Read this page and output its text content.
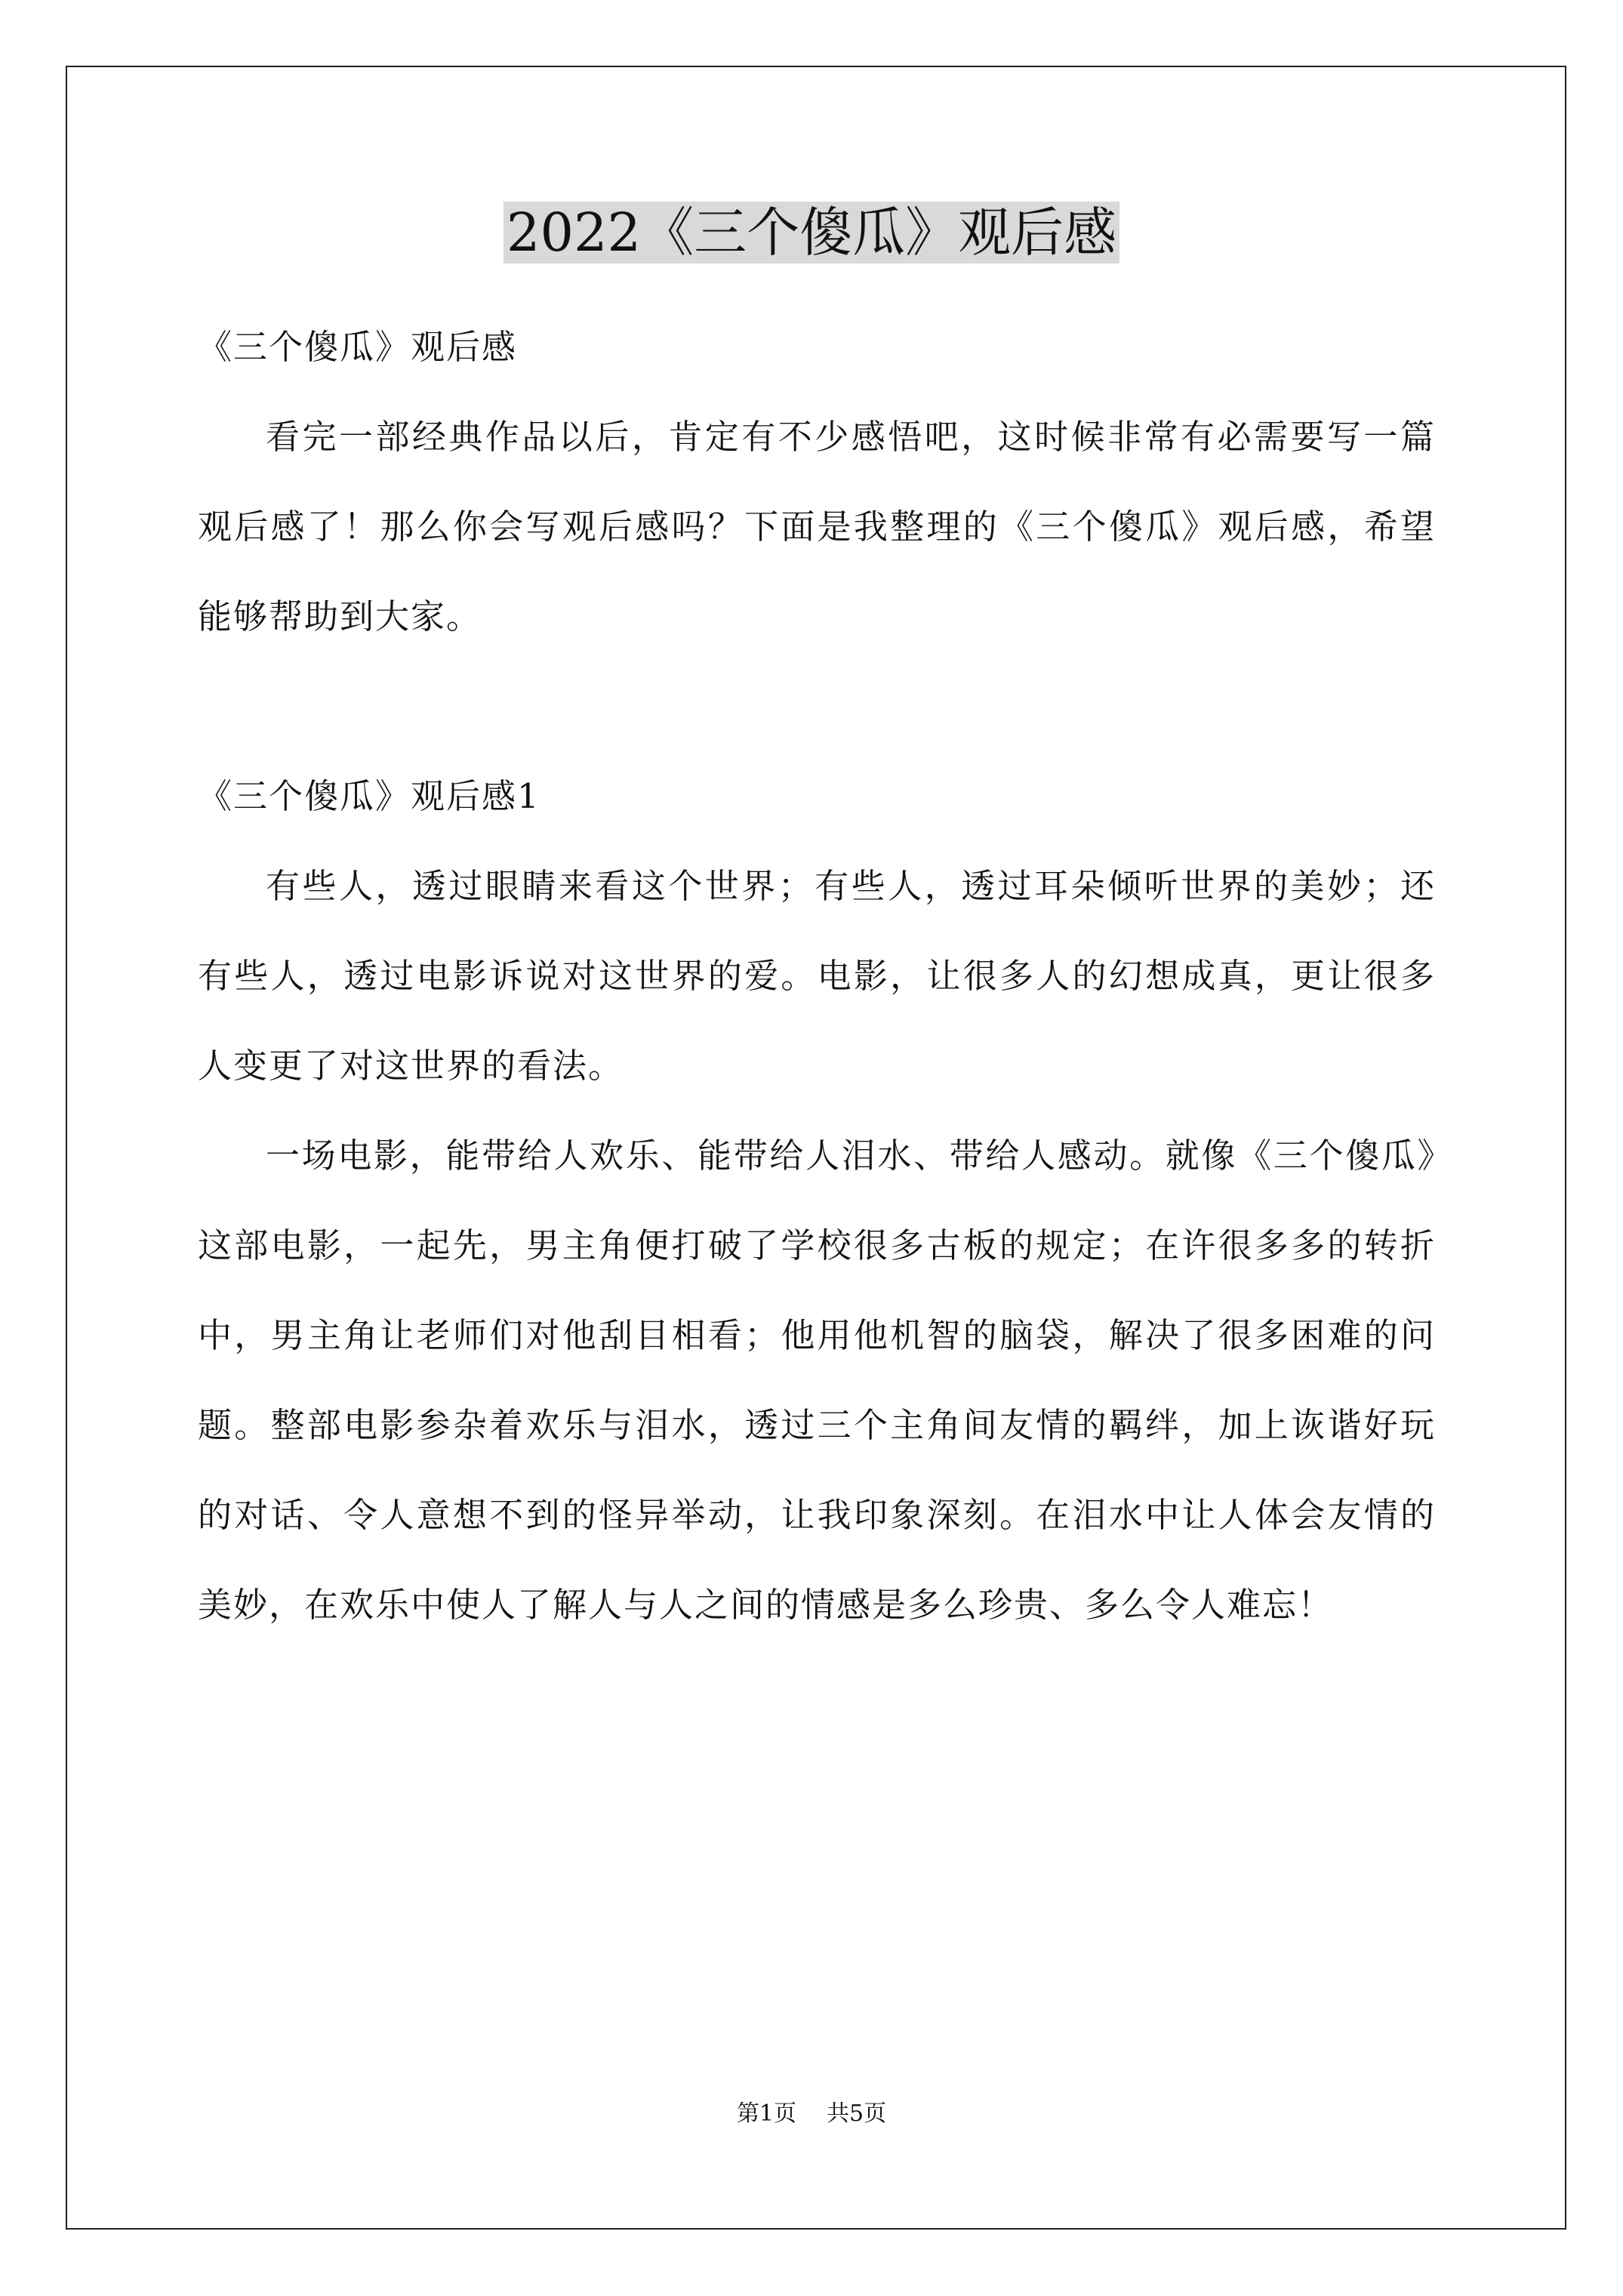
2022《三个傻瓜》观后感

《三个傻瓜》观后感

看完一部经典作品以后，肯定有不少感悟吧，这时候非常有必需要写一篇观后感了！那么你会写观后感吗？下面是我整理的《三个傻瓜》观后感，希望能够帮助到大家。

《三个傻瓜》观后感1

有些人，透过眼睛来看这个世界；有些人，透过耳朵倾听世界的美妙；还有些人，透过电影诉说对这世界的爱。电影，让很多人的幻想成真，更让很多人变更了对这世界的看法。

一场电影，能带给人欢乐、能带给人泪水、带给人感动。就像《三个傻瓜》这部电影，一起先，男主角便打破了学校很多古板的规定；在许很多多的转折中，男主角让老师们对他刮目相看；他用他机智的脑袋，解决了很多困难的问题。整部电影参杂着欢乐与泪水，透过三个主角间友情的羁绊，加上诙谐好玩的对话、令人意想不到的怪异举动，让我印象深刻。在泪水中让人体会友情的美妙，在欢乐中使人了解人与人之间的情感是多么珍贵、多么令人难忘！

第1页 共5页
